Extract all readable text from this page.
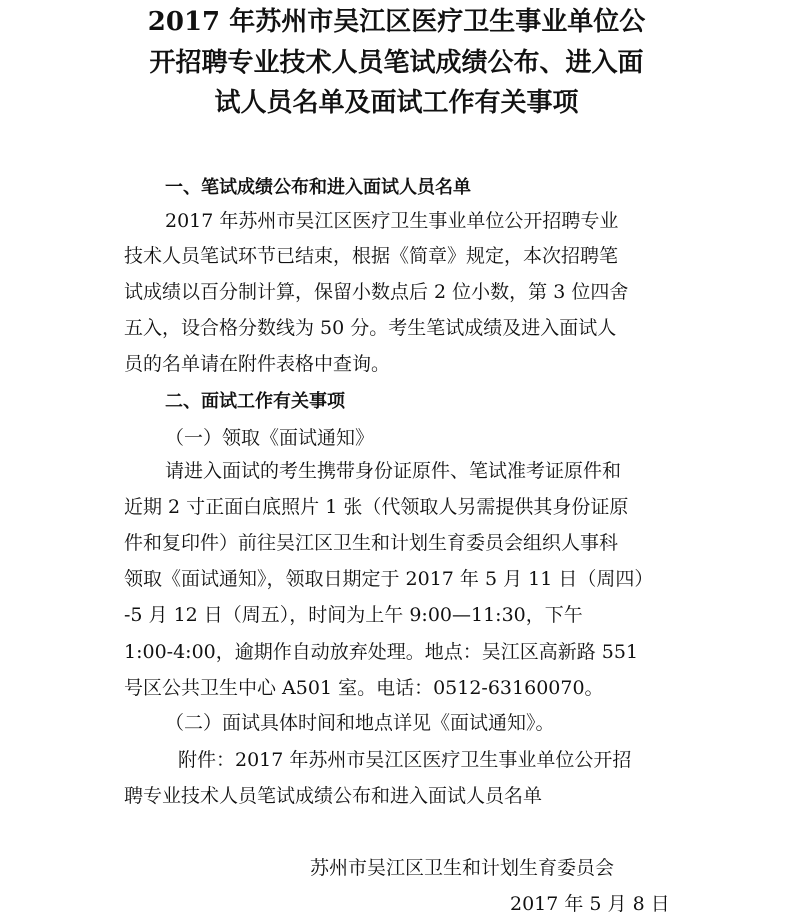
2017 年苏州市吴江区医疗卫生事业单位公
开招聘专业技术人员笔试成绩公布、进入面
试人员名单及面试工作有关事项
一、笔试成绩公布和进入面试人员名单
2017 年苏州市吴江区医疗卫生事业单位公开招聘专业
技术人员笔试环节已结束，根据《简章》规定，本次招聘笔
试成绩以百分制计算，保留小数点后 2 位小数，第 3 位四舍
五入，设合格分数线为 50 分。考生笔试成绩及进入面试人
员的名单请在附件表格中查询。
二、面试工作有关事项
（一）领取《面试通知》
请进入面试的考生携带身份证原件、笔试准考证原件和
近期 2 寸正面白底照片 1 张（代领取人另需提供其身份证原
件和复印件）前往吴江区卫生和计划生育委员会组织人事科
领取《面试通知》，领取日期定于 2017 年 5 月 11 日（周四）
-5 月 12 日（周五），时间为上午 9:00—11:30，下午
1:00-4:00，逾期作自动放弃处理。地点：吴江区高新路 551
号区公共卫生中心 A501 室。电话：0512-63160070。
（二）面试具体时间和地点详见《面试通知》。
附件：2017 年苏州市吴江区医疗卫生事业单位公开招
聘专业技术人员笔试成绩公布和进入面试人员名单
苏州市吴江区卫生和计划生育委员会
2017 年 5 月 8 日
